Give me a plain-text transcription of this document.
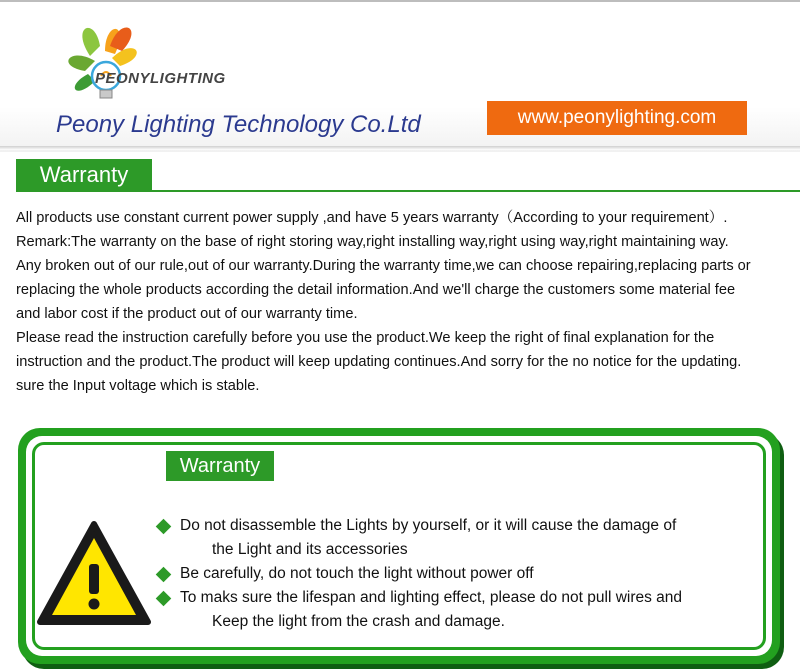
PEONYLIGHTING
Peony Lighting Technology Co.Ltd	www.peonylighting.com
Warranty

All products use constant current power supply ,and have 5 years warranty（According to your requirement）.

Remark:The warranty on the base of right storing way,right installing way,right using way,right maintaining way.

Any broken out of our rule,out of our warranty.During the warranty time,we can choose repairing,replacing parts or

replacing the whole products according the detail information.And we'll charge the customers some material fee

and labor cost if the product out of our warranty time.

Please read the instruction carefully before you use the product.We keep the right of final explanation for the

instruction and the product.The product will keep updating continues.And sorry for the no notice for the updating.

sure the Input voltage which is stable.

Warranty
Do not disassemble the Lights by yourself, or it will cause the damage of
the Light and its accessories
Be carefully, do not touch the light without power off
To maks sure the lifespan and lighting effect, please do not pull wires and
Keep the light from the crash and damage.
